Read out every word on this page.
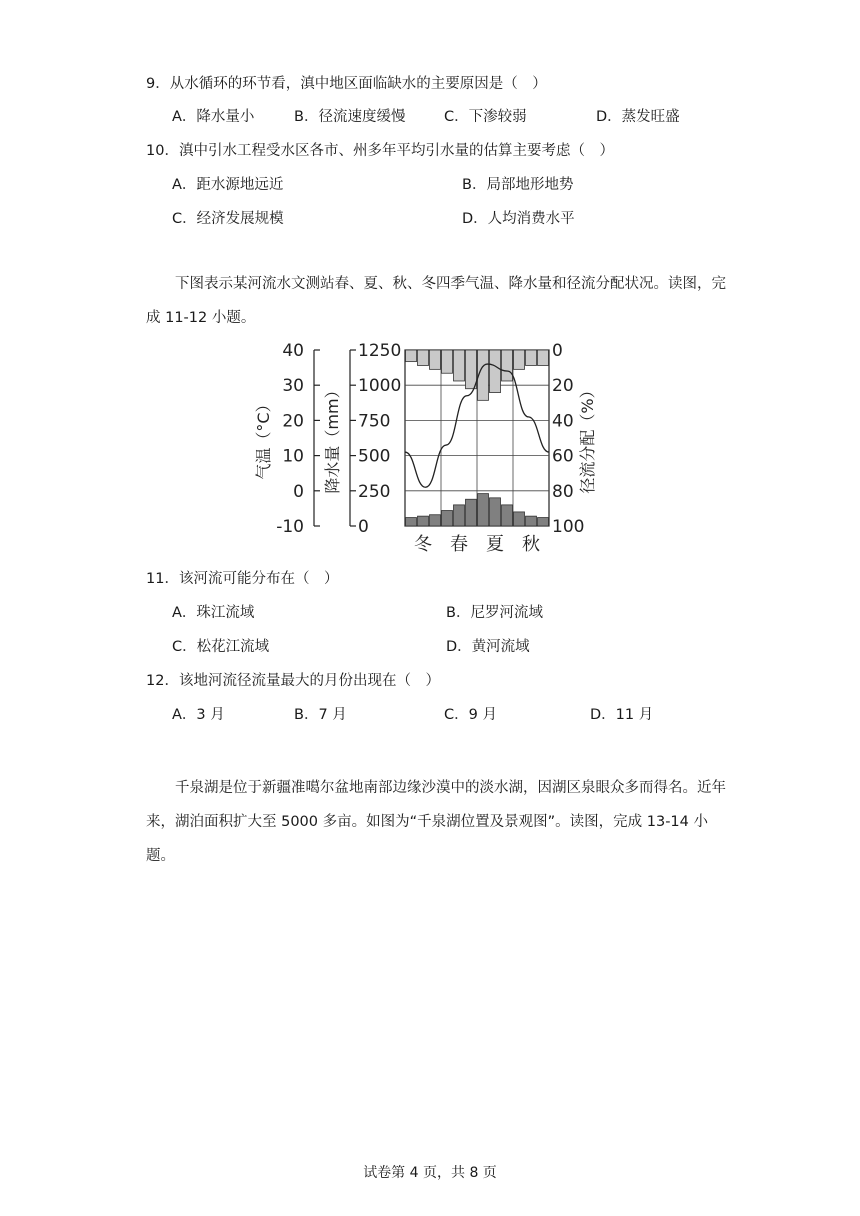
9．从水循环的环节看，滇中地区面临缺水的主要原因是（　）
A．降水量小	B．径流速度缓慢	C．下渗较弱	D．蒸发旺盛
10．滇中引水工程受水区各市、州多年平均引水量的估算主要考虑（　）
A．距水源地远近	B．局部地形地势
C．经济发展规模	D．人均消费水平
下图表示某河流水文测站春、夏、秋、冬四季气温、降水量和径流分配状况。读图，完成 11-12 小题。
气温（°C）	降水量（mm）	径流分配（%）
40
30
20
10
0
-10
1250
1000
750
500
250
0
0
20
40
60
80
100
冬 春 夏 秋
11．该河流可能分布在（　）
A．珠江流域	B．尼罗河流域
C．松花江流域	D．黄河流域
12．该地河流径流量最大的月份出现在（　）
A．3 月	B．7 月	C．9 月	D．11 月
千泉湖是位于新疆准噶尔盆地南部边缘沙漠中的淡水湖，因湖区泉眼众多而得名。近年来，湖泊面积扩大至 5000 多亩。如图为“千泉湖位置及景观图”。读图，完成 13-14 小题。
试卷第 4 页，共 8 页
